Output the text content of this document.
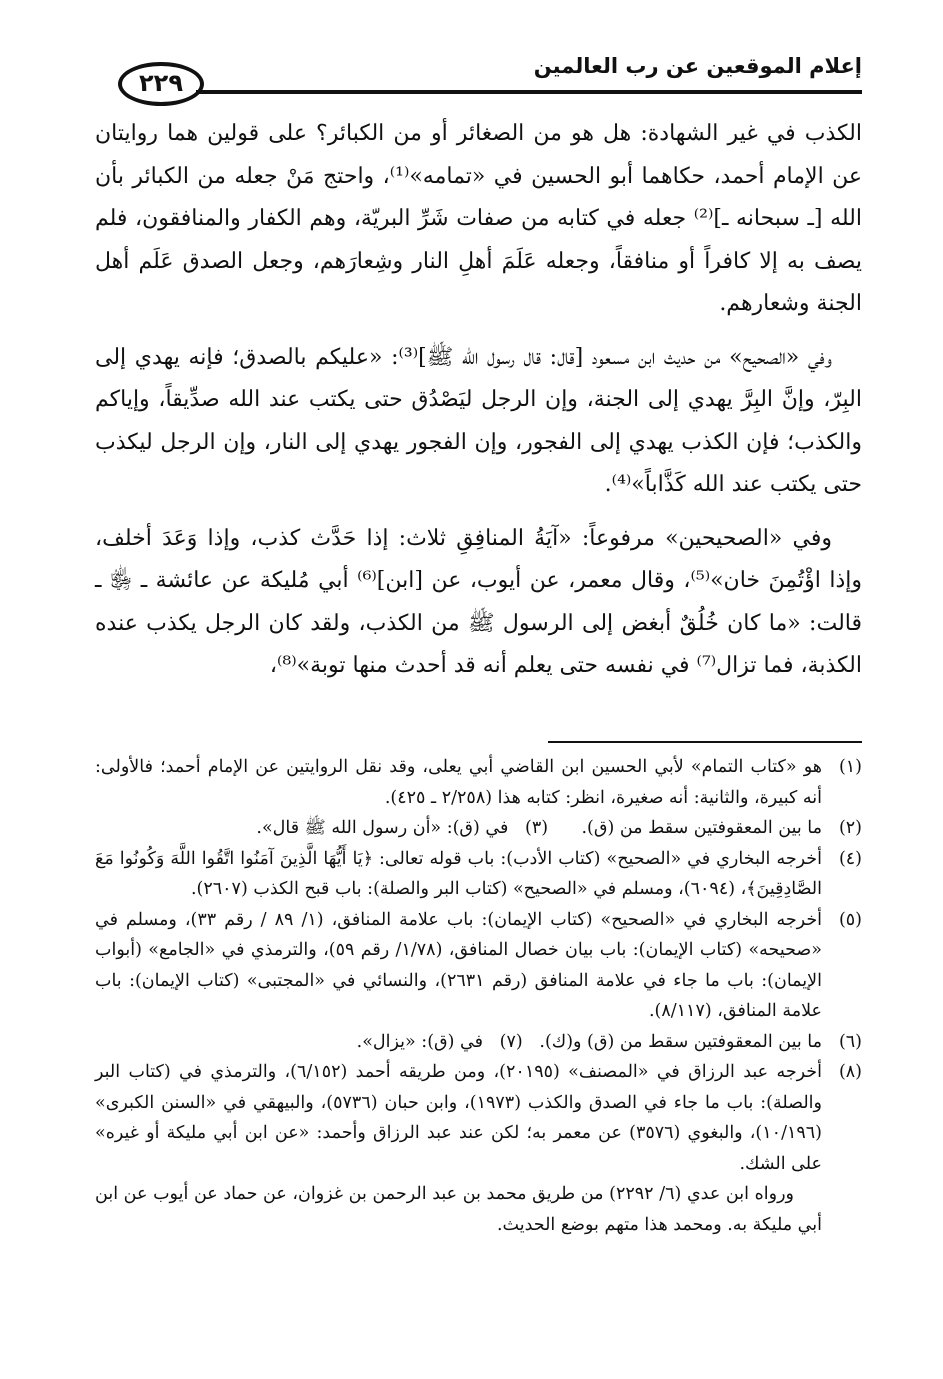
٢٢٩
إعلام الموقعين عن رب العالمين

الكذب في غير الشهادة: هل هو من الصغائر أو من الكبائر؟ على قولين هما روايتان عن الإمام أحمد، حكاهما أبو الحسين في «تمامه»⁽¹⁾، واحتج مَنْ جعله من الكبائر بأن الله [ـ سبحانه ـ]⁽²⁾ جعله في كتابه من صفات شَرِّ البريّة، وهم الكفار والمنافقون، فلم يصف به إلا كافراً أو منافقاً، وجعله عَلَمَ أهلِ النار وشِعارَهم، وجعل الصدق عَلَم أهل الجنة وشعارهم.

وفي «الصحيح» من حديث ابن مسعود [قال: قال رسول الله ﷺ]⁽³⁾: «عليكم بالصدق؛ فإنه يهدي إلى البِرّ، وإنَّ البِرَّ يهدي إلى الجنة، وإن الرجل ليَصْدُق حتى يكتب عند الله صدِّيقاً، وإياكم والكذب؛ فإن الكذب يهدي إلى الفجور، وإن الفجور يهدي إلى النار، وإن الرجل ليكذب حتى يكتب عند الله كَذَّاباً»⁽⁴⁾.

وفي «الصحيحين» مرفوعاً: «آيَةُ المنافِقِ ثلاث: إذا حَدَّث كذب، وإذا وَعَدَ أخلف، وإذا اؤْتُمِنَ خان»⁽⁵⁾، وقال معمر، عن أيوب، عن [ابن]⁽⁶⁾ أبي مُليكة عن عائشة ـ ﵂ ـ قالت: «ما كان خُلُقٌ أبغض إلى الرسول ﷺ من الكذب، ولقد كان الرجل يكذب عنده الكذبة، فما تزال⁽⁷⁾ في نفسه حتى يعلم أنه قد أحدث منها توبة»⁽⁸⁾،

(١)
هو «كتاب التمام» لأبي الحسين ابن القاضي أبي يعلى، وقد نقل الروايتين عن الإمام أحمد؛ فالأولى: أنه كبيرة، والثانية: أنه صغيرة، انظر: كتابه هذا (٢/٢٥٨ ـ ٤٢٥).
(٢)
ما بين المعقوفتين سقط من (ق).      (٣)   في (ق): «أن رسول الله ﷺ قال».
(٤)
أخرجه البخاري في «الصحيح» (كتاب الأدب): باب قوله تعالى: ﴿يَا أَيُّهَا الَّذِينَ آمَنُوا اتَّقُوا اللَّهَ وَكُونُوا مَعَ الصَّادِقِينَ﴾، (٦٠٩٤)، ومسلم في «الصحيح» (كتاب البر والصلة): باب قبح الكذب (٢٦٠٧).
(٥)
أخرجه البخاري في «الصحيح» (كتاب الإيمان): باب علامة المنافق، (١/ ٨٩ / رقم ٣٣)، ومسلم في «صحيحه» (كتاب الإيمان): باب بيان خصال المنافق، (١/٧٨/ رقم ٥٩)، والترمذي في «الجامع» (أبواب الإيمان): باب ما جاء في علامة المنافق (رقم ٢٦٣١)، والنسائي في «المجتبى» (كتاب الإيمان): باب علامة المنافق، (٨/١١٧).
(٦)
ما بين المعقوفتين سقط من (ق) و(ك).   (٧)   في (ق): «يزال».
(٨)
أخرجه عبد الرزاق في «المصنف» (٢٠١٩٥)، ومن طريقه أحمد (٦/١٥٢)، والترمذي في (كتاب البر والصلة): باب ما جاء في الصدق والكذب (١٩٧٣)، وابن حبان (٥٧٣٦)، والبيهقي في «السنن الكبرى» (١٠/١٩٦)، والبغوي (٣٥٧٦) عن معمر به؛ لكن عند عبد الرزاق وأحمد: «عن ابن أبي مليكة أو غيره» على الشك.
ورواه ابن عدي (٦/ ٢٢٩٢) من طريق محمد بن عبد الرحمن بن غزوان، عن حماد عن أيوب عن ابن أبي مليكة به. ومحمد هذا متهم بوضع الحديث.
